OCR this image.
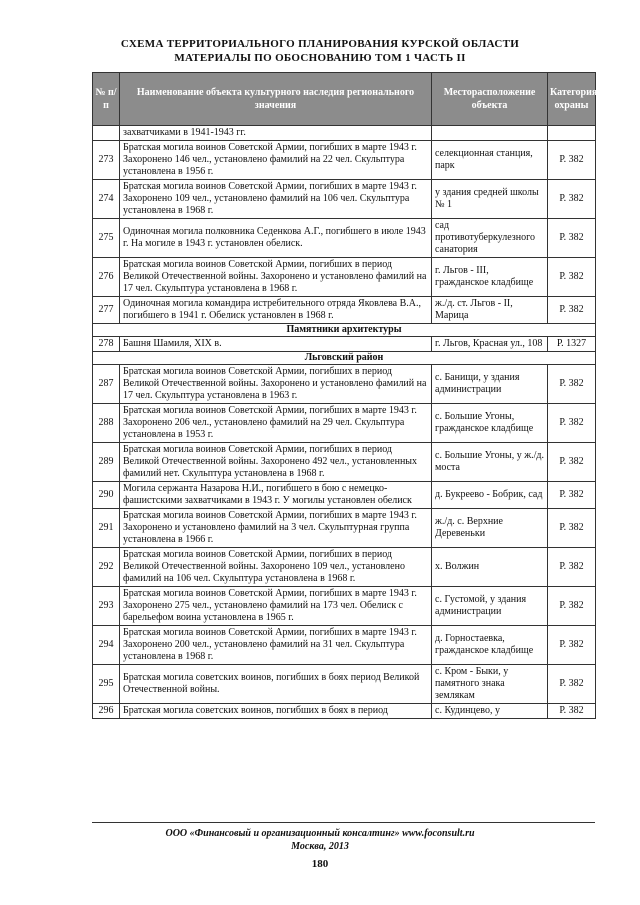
СХЕМА ТЕРРИТОРИАЛЬНОГО ПЛАНИРОВАНИЯ КУРСКОЙ ОБЛАСТИ
МАТЕРИАЛЫ ПО ОБОСНОВАНИЮ ТОМ 1 ЧАСТЬ II
№ п/п	Наименование объекта культурного наследия регионального значения	Месторасположение объекта	Категория охраны
	захватчиками в 1941-1943 гг.		
273	Братская могила воинов Советской Армии, погибших в марте 1943 г. Захоронено 146 чел., установлено фамилий на 22 чел. Скульптура установлена в 1956 г.	селекционная станция, парк	Р. 382
274	Братская могила воинов Советской Армии, погибших в марте 1943 г. Захоронено 109 чел., установлено фамилий на 106 чел. Скульптура установлена в 1968 г.	у здания средней школы № 1	Р. 382
275	Одиночная могила полковника Седенкова А.Г., погибшего в июле 1943 г. На могиле в 1943 г. установлен обелиск.	сад противотуберкулезного санатория	Р. 382
276	Братская могила воинов Советской Армии, погибших в период Великой Отечественной войны. Захоронено и установлено фамилий на 17 чел. Скульптура установлена в 1968 г.	г. Льгов - III, гражданское кладбище	Р. 382
277	Одиночная могила командира истребительного отряда Яковлева В.А., погибшего в 1941 г. Обелиск установлен в 1968 г.	ж./д. ст. Льгов - II, Марица	Р. 382
Памятники архитектуры			
278	Башня Шамиля, XIX в.	г. Льгов, Красная ул., 108	Р. 1327
Льговский район			
287	Братская могила воинов Советской Армии, погибших в период Великой Отечественной войны. Захоронено и установлено фамилий на 17 чел. Скульптура установлена в 1963 г.	с. Банищи, у здания администрации	Р. 382
288	Братская могила воинов Советской Армии, погибших в марте 1943 г. Захоронено 206 чел., установлено фамилий на 29 чел. Скульптура установлена в 1953 г.	с. Большие Угоны, гражданское кладбище	Р. 382
289	Братская могила воинов Советской Армии, погибших в период Великой Отечественной войны. Захоронено 492 чел., установленных фамилий нет. Скульптура установлена в 1968 г.	с. Большие Угоны, у ж./д. моста	Р. 382
290	Могила сержанта Назарова Н.И., погибшего в бою с немецко-фашистскими захватчиками в 1943 г. У могилы установлен обелиск	д. Букреево - Бобрик, сад	Р. 382
291	Братская могила воинов Советской Армии, погибших в марте 1943 г. Захоронено и установлено фамилий на 3 чел. Скульптурная группа установлена в 1966 г.	ж./д. с. Верхние Деревеньки	Р. 382
292	Братская могила воинов Советской Армии, погибших в период Великой Отечественной войны. Захоронено 109 чел., установлено фамилий на 106 чел. Скульптура установлена в 1968 г.	х. Волжин	Р. 382
293	Братская могила воинов Советской Армии, погибших в марте 1943 г. Захоронено 275 чел., установлено фамилий на 173 чел. Обелиск с барельефом воина установлена в 1965 г.	с. Густомой, у здания администрации	Р. 382
294	Братская могила воинов Советской Армии, погибших в марте 1943 г. Захоронено 200 чел., установлено фамилий на 31 чел. Скульптура установлена в 1968 г.	д. Горностаевка, гражданское кладбище	Р. 382
295	Братская могила советских воинов, погибших в боях период Великой Отечественной войны.	с. Кром - Быки, у памятного знака землякам	Р. 382
296	Братская могила советских воинов, погибших в боях в период	с. Кудинцево, у	Р. 382
ООО «Финансовый и организационный консалтинг» www.foconsult.ru
Москва, 2013
180
